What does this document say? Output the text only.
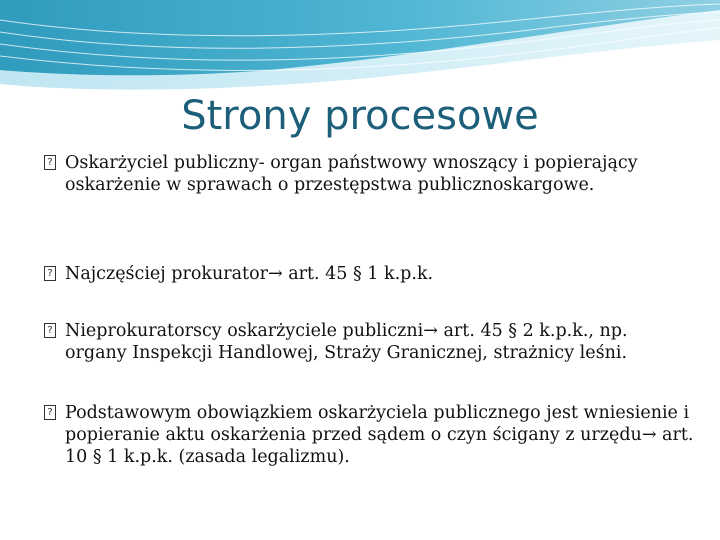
Strony procesowe
? Oskarżyciel publiczny- organ państwowy wnoszący i popierający oskarżenie w sprawach o przestępstwa publicznoskargowe.
? Najczęściej prokurator→ art. 45 § 1 k.p.k.
? Nieprokuratorscy oskarżyciele publiczni→ art. 45 § 2 k.p.k., np. organy Inspekcji Handlowej, Straży Granicznej, strażnicy leśni.
? Podstawowym obowiązkiem oskarżyciela publicznego jest wniesienie i popieranie aktu oskarżenia przed sądem o czyn ścigany z urzędu→ art. 10 § 1 k.p.k. (zasada legalizmu).
